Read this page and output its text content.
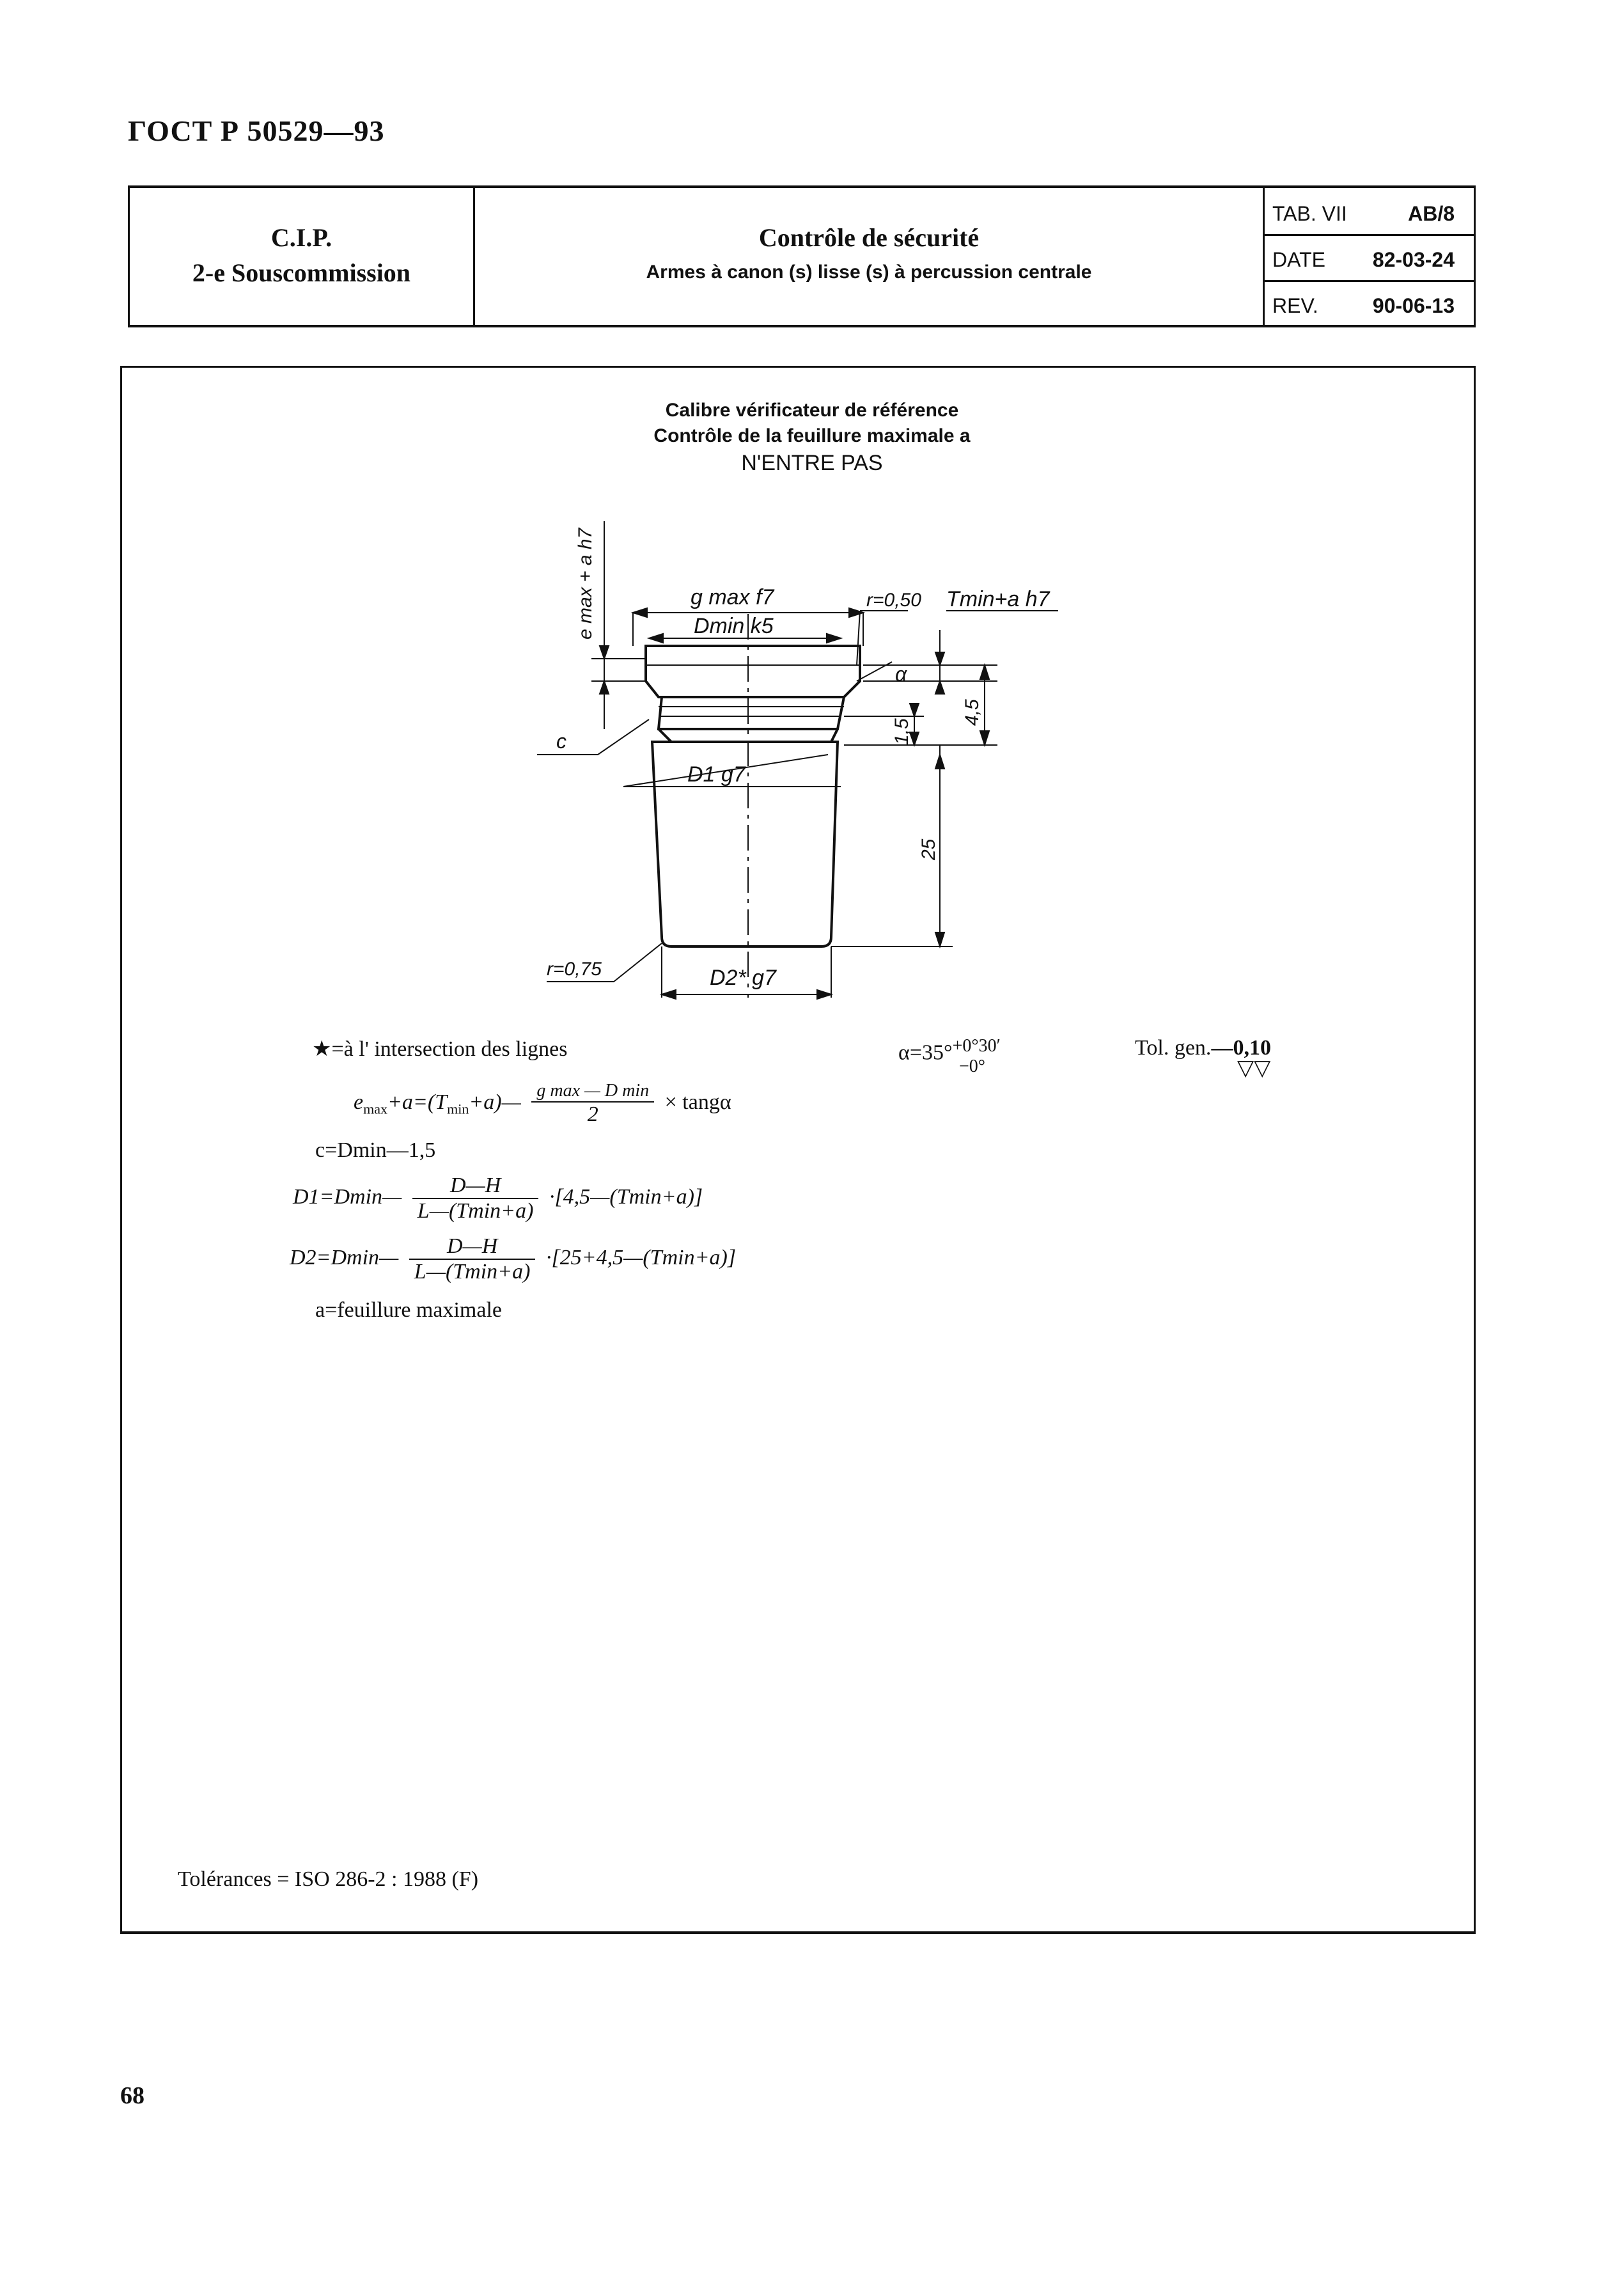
ГОСТ Р 50529—93
C.I.P.
2-e Souscommission
Contrôle de sécurité
Armes à canon (s) lisse (s) à percussion centrale
TAB. VII	AB/8
DATE 82-03-24
REV.	90-06-13
Calibre vérificateur de référence
Contrôle de la feuillure maximale a
N'ENTRE PAS
e max + a h7	g max f7
Dmin k5
r=0,50 Tmin+a h7
α
1,5
4,5
25
c
D1 g7
D2* g7
r=0,75
★=à l' intersection des lignes	α=35°$^{+0^\circ 30'}$
−0°
Tol. gen.—0,10
▽▽
$e_{max}+a=(T_{min}+a)— \frac{\text{g max — D min}}{2} \times \tan g\alpha$
c=Dmin—1,5
D1=Dmin— $\frac{D—H}{L—(Tmin+a)}$ ·[4,5—(Tmin+a)]
D2=Dmin— $\frac{D—H}{L—(Tmin+a)}$ ·[25+4,5—(Tmin+a)]
a=feuillure maximale
Tolérances = ISO 286-2 : 1988 (F)
68
